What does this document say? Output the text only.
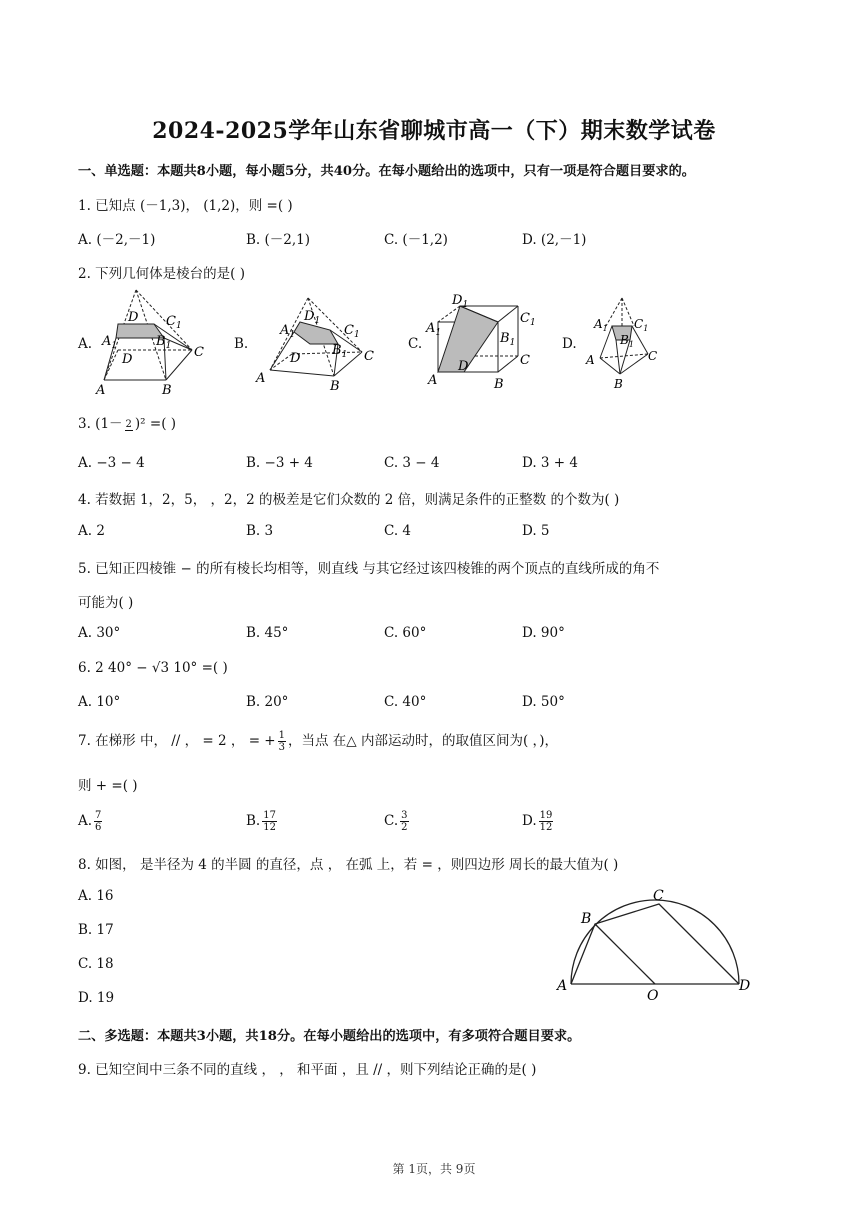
2024-2025学年山东省聊城市高一（下）期末数学试卷
一、单选题：本题共8小题，每小题5分，共40分。在每小题给出的选项中，只有一项是符合题目要求的。
1. 已知点 (－1,3)， (1,2)，则 =( )
A. (－2,－1)	B. (－2,1)	C. (－1,2)	D. (2,－1)
2. 下列几何体是棱台的是( )
A.	B.	C.	D.
D $C_1$
$A_1$	$B_1$
D	C
A	B
$D_1$
$C_1$
$A_1$
$B_1$
D	C
A
B
$D_1$
$C_1$
$A_1$	$B_1$
D	C
A	B
$A_1$ $C_1$
$B_1$
A	C
B
3. (1－ 2 )² =( )
A. −3 − 4	B. −3 + 4	C. 3 − 4	D. 3 + 4
4. 若数据 1，2，5， ，2，2 的极差是它们众数的 2 倍，则满足条件的正整数 的个数为( )
A. 2	B. 3	C. 4	D. 5
5. 已知正四棱锥 − 的所有棱长均相等，则直线 与其它经过该四棱锥的两个顶点的直线所成的角不
可能为( )
A. 30°	B. 45°	C. 60°	D. 90°
6. 2 40° − √3 10° =( )
A. 10°	B. 20°	C. 40°	D. 50°
7. 在梯形 中， // ， = 2 ， = + $\frac{1}{3}$ ，当点 在△ 内部运动时，的取值区间为( ，)，
则 + =( )
A. $\frac{7}{6}$	B. $\frac{17}{12}$	C. $\frac{3}{2}$	D. $\frac{19}{12}$
8. 如图， 是半径为 4 的半圆 的直径，点 ， 在弧 上，若 = ，则四边形 周长的最大值为( )
A. 16
B. 17
C. 18
D. 19
A
B
C
D
O
二、多选题：本题共3小题，共18分。在每小题给出的选项中，有多项符合题目要求。
9. 已知空间中三条不同的直线 ， ， 和平面 ，且 // ，则下列结论正确的是( )
第 1页，共 9页
